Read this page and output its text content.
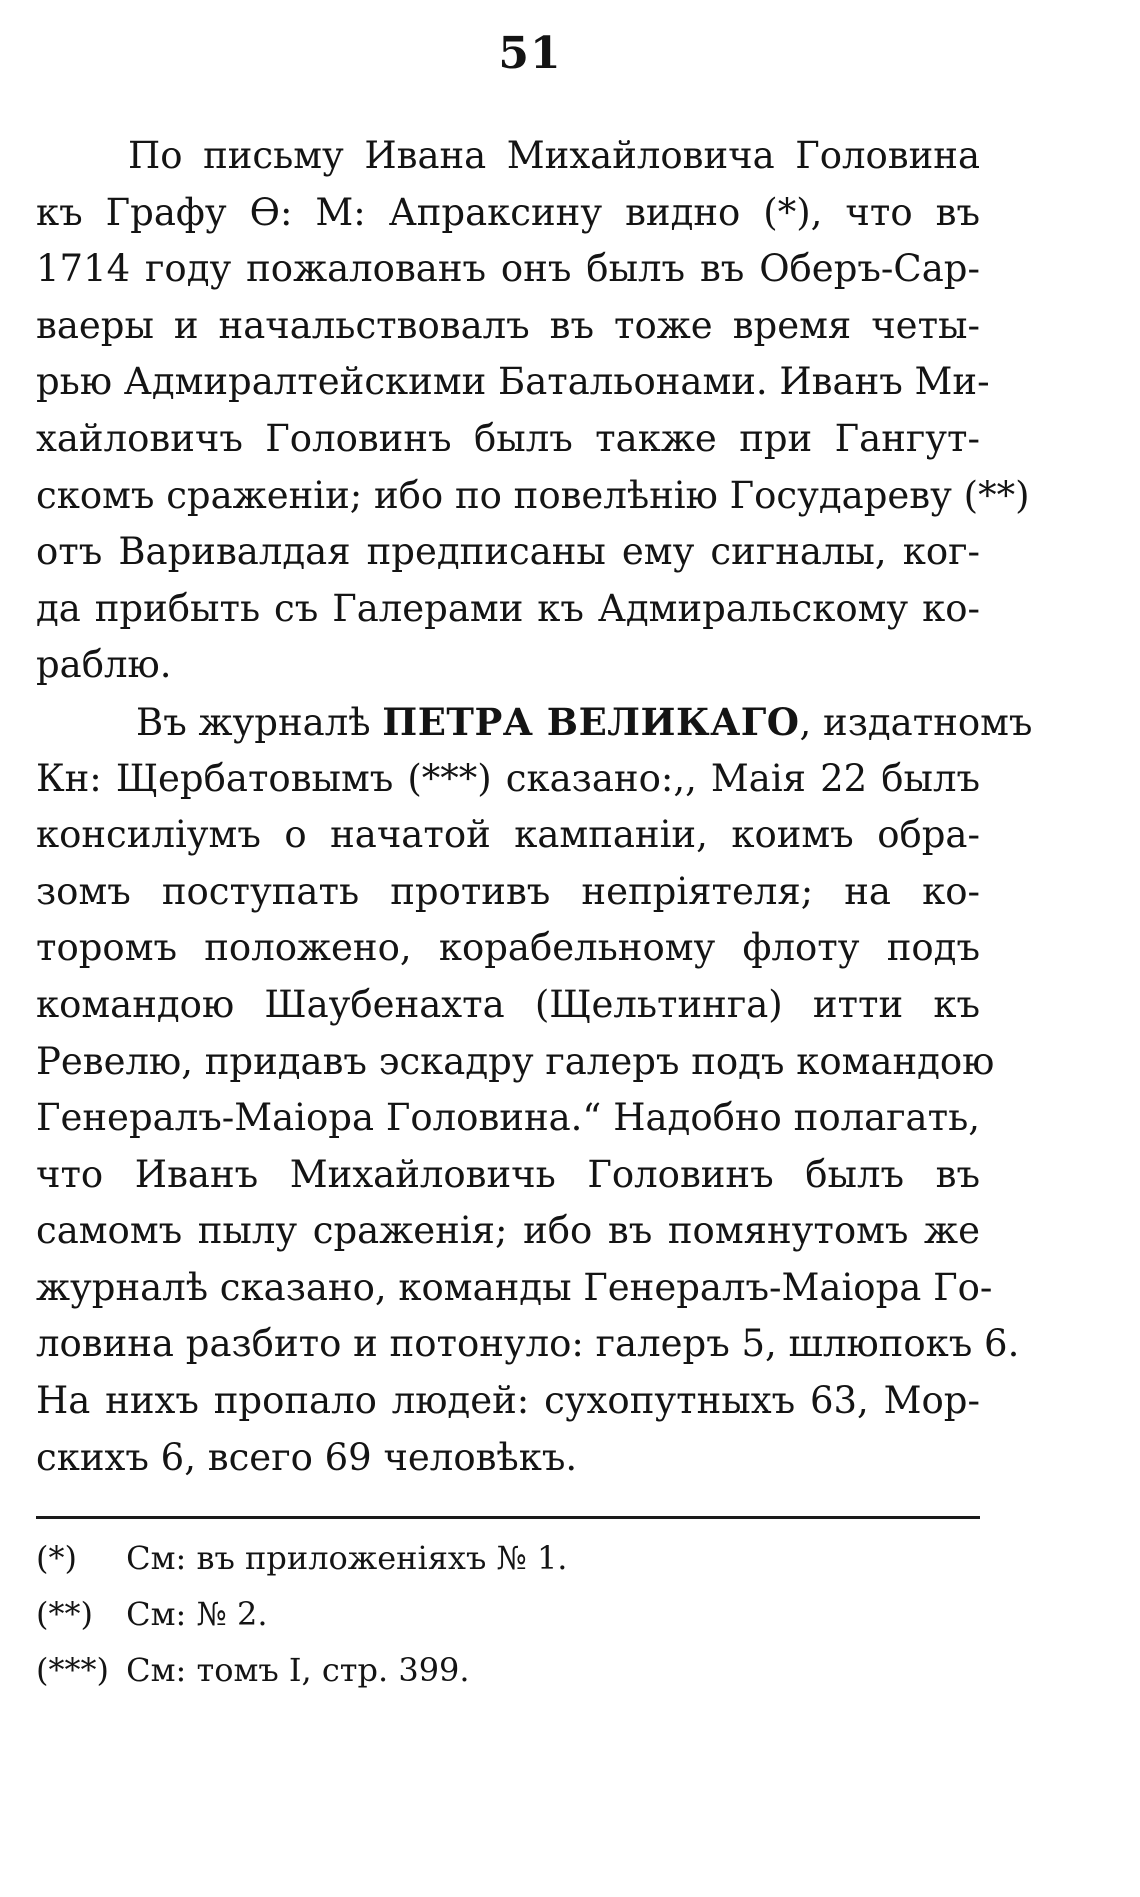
51
По письму Ивана Михайловича Головина
къ Графу Ѳ: М: Апраксину видно (*), что въ
1714 году пожалованъ онъ былъ въ Оберъ-Сар-
ваеры и начальствовалъ въ тоже время четы-
рью Адмиралтейскими Батальонами. Иванъ Ми-
хайловичъ Головинъ былъ также при Гангут-
скомъ сраженіи; ибо по повелѣнію Государеву (**)
отъ Варивалдая предписаны ему сигналы, ког-
да прибыть съ Галерами къ Адмиральскому ко-
раблю.
Въ журналѣ ПЕТРА ВЕЛИКАГО, издатномъ
Кн: Щербатовымъ (***) сказано:,, Маія 22 былъ
консиліумъ о начатой кампаніи, коимъ обра-
зомъ поступать противъ непріятеля; на ко-
торомъ положено, корабельному флоту подъ
командою Шаубенахта (Щельтинга) итти къ
Ревелю, придавъ эскадру галеръ подъ командою
Генералъ-Маіора Головина.“ Надобно полагать,
что Иванъ Михайловичь Головинъ былъ въ
самомъ пылу сраженія; ибо въ помянутомъ же
журналѣ сказано, команды Генералъ-Маіора Го-
ловина разбито и потонуло: галеръ 5, шлюпокъ 6.
На нихъ пропало людей: сухопутныхъ 63, Мор-
скихъ 6, всего 69 человѣкъ.
(*) См: въ приложеніяхъ № 1.
(**) См: № 2.
(***) См: томъ I, стр. 399.
